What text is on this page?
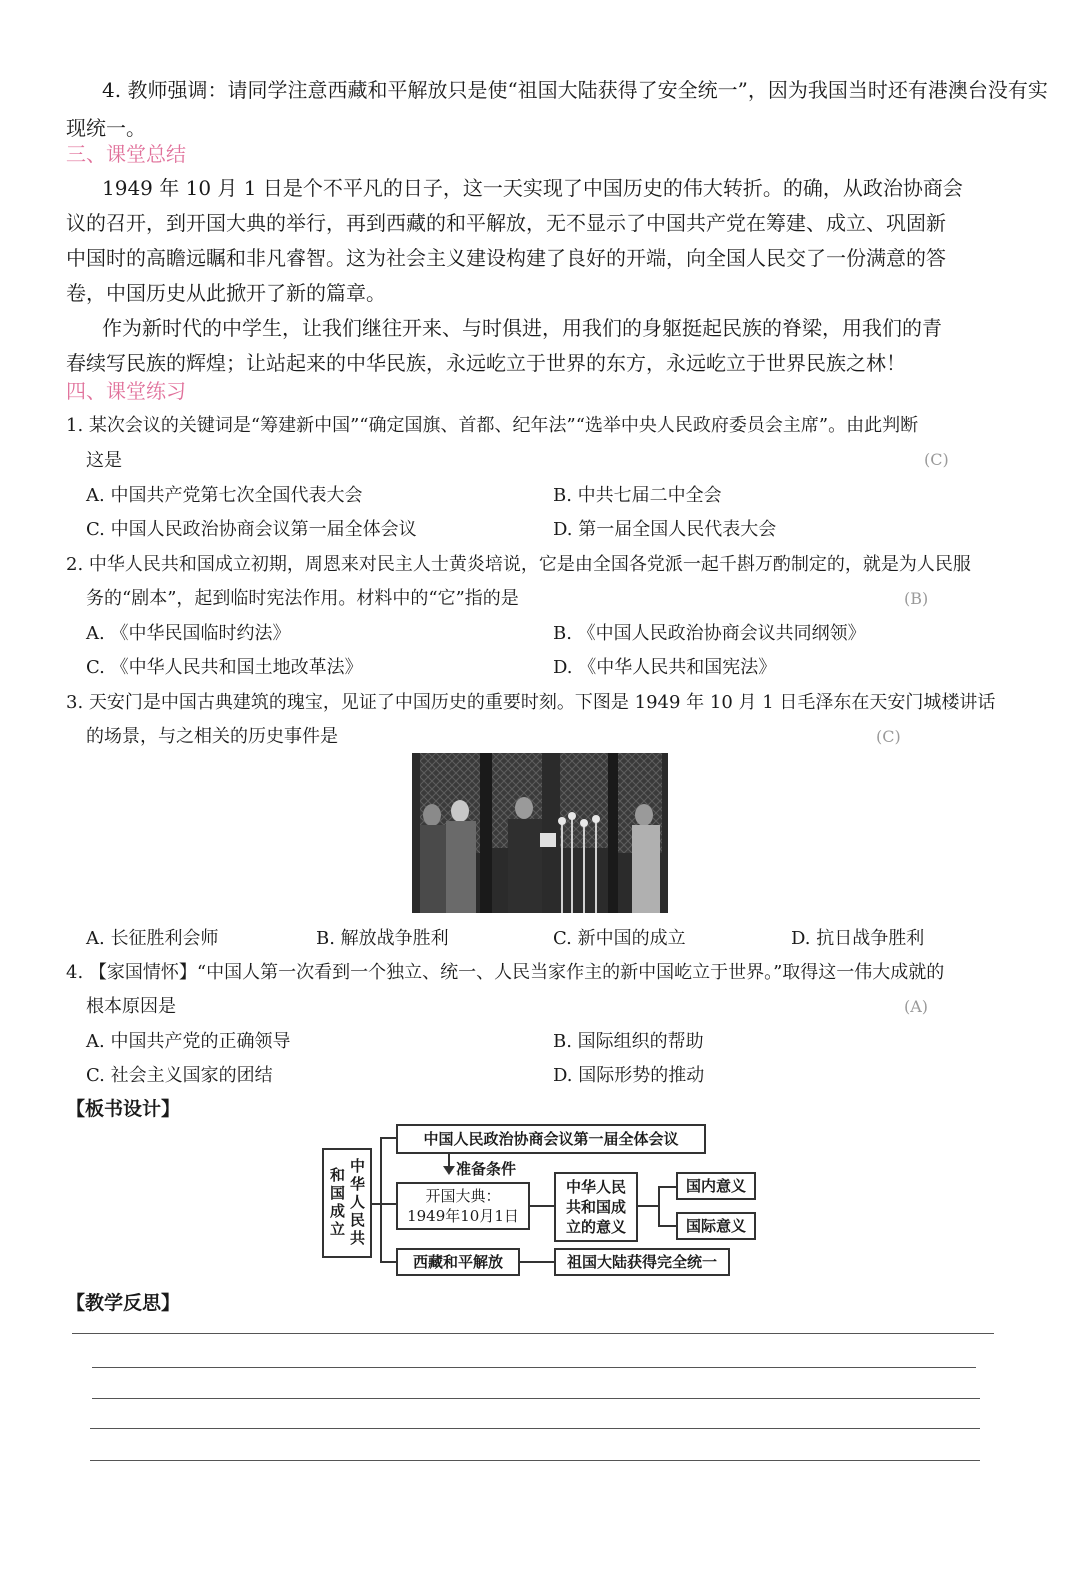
4. 教师强调：请同学注意西藏和平解放只是使“祖国大陆获得了安全统一”，因为我国当时还有港澳台没有实
现统一。
三、课堂总结
1949 年 10 月 1 日是个不平凡的日子，这一天实现了中国历史的伟大转折。的确，从政治协商会
议的召开，到开国大典的举行，再到西藏的和平解放，无不显示了中国共产党在筹建、成立、巩固新
中国时的高瞻远瞩和非凡睿智。这为社会主义建设构建了良好的开端，向全国人民交了一份满意的答
卷，中国历史从此掀开了新的篇章。
作为新时代的中学生，让我们继往开来、与时俱进，用我们的身躯挺起民族的脊梁，用我们的青
春续写民族的辉煌；让站起来的中华民族，永远屹立于世界的东方，永远屹立于世界民族之林！
四、课堂练习
1. 某次会议的关键词是“筹建新中国”“确定国旗、首都、纪年法”“选举中央人民政府委员会主席”。由此判断
这是	(C)
A. 中国共产党第七次全国代表大会	B. 中共七届二中全会
C. 中国人民政治协商会议第一届全体会议	D. 第一届全国人民代表大会
2. 中华人民共和国成立初期，周恩来对民主人士黄炎培说，它是由全国各党派一起千斟万酌制定的，就是为人民服
务的“剧本”，起到临时宪法作用。材料中的“它”指的是	(B)
A. 《中华民国临时约法》	B. 《中国人民政治协商会议共同纲领》
C. 《中华人民共和国土地改革法》	D. 《中华人民共和国宪法》
3. 天安门是中国古典建筑的瑰宝，见证了中国历史的重要时刻。下图是 1949 年 10 月 1 日毛泽东在天安门城楼讲话
的场景，与之相关的历史事件是	(C)
A. 长征胜利会师	B. 解放战争胜利	C. 新中国的成立	D. 抗日战争胜利
4. 【家国情怀】“中国人第一次看到一个独立、统一、人民当家作主的新中国屹立于世界。”取得这一伟大成就的
根本原因是	(A)
A. 中国共产党的正确领导	B. 国际组织的帮助
C. 社会主义国家的团结	D. 国际形势的推动
【板书设计】
中华人民共和国成立
中国人民政治协商会议第一届全体会议
准备条件
开国大典：
1949年10月1日
中华人民共和国成立的意义
国内意义
国际意义
西藏和平解放	祖国大陆获得完全统一
【教学反思】
